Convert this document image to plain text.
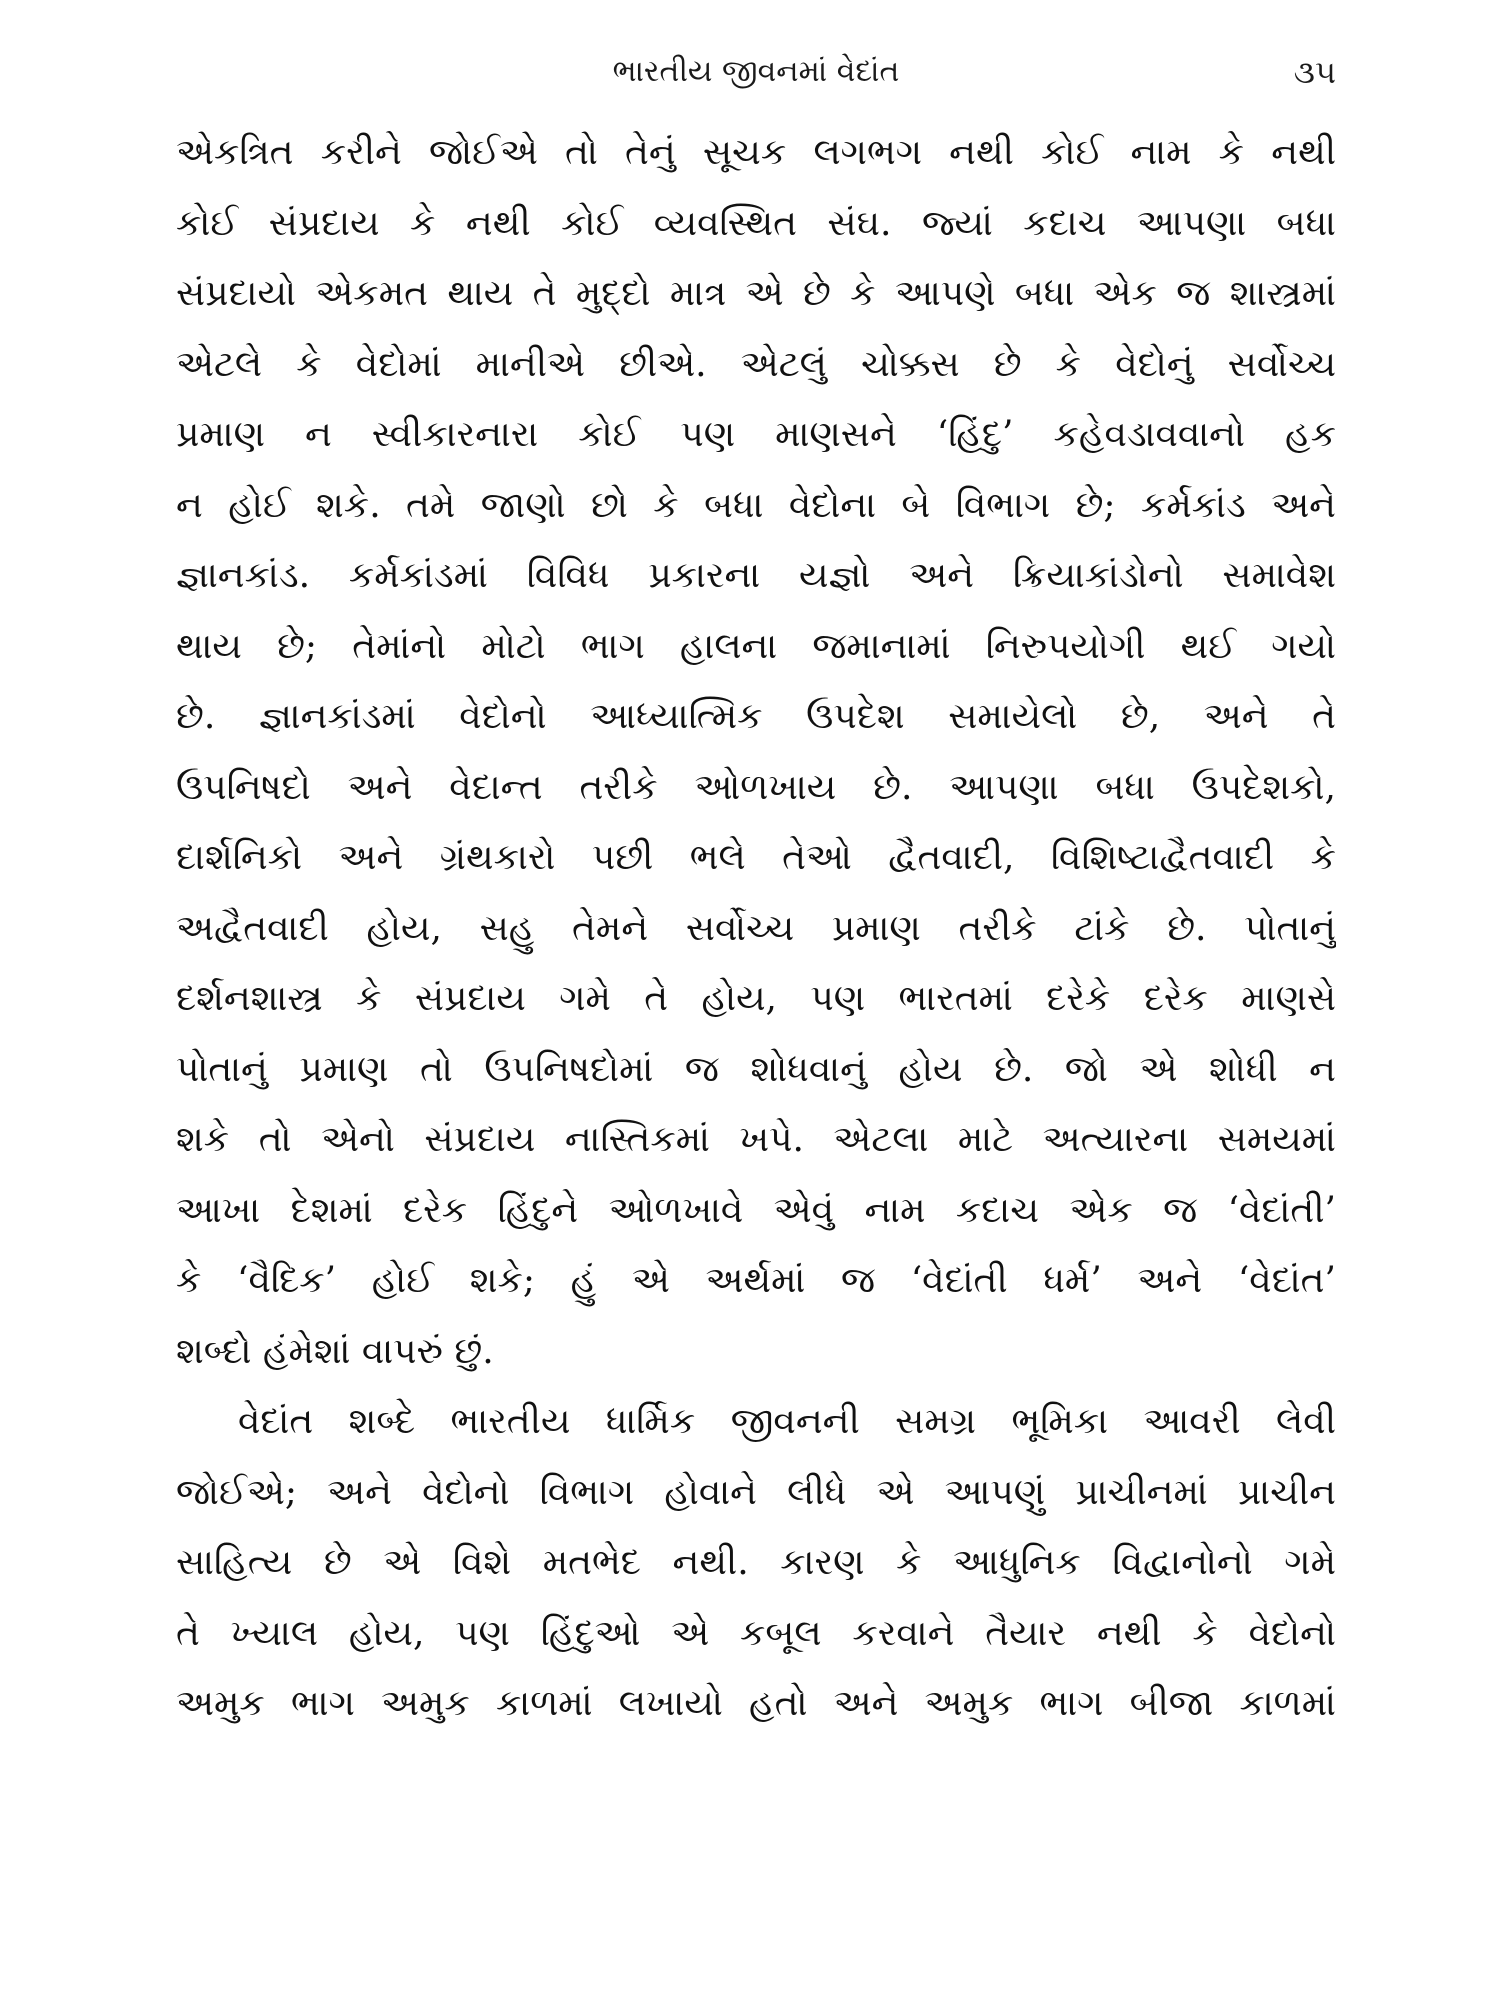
ભારતીય જીવનમાં વેદાંત	૩૫
એકત્રિત કરીને જોઈએ તો તેનું સૂચક લગભગ નથી કોઈ નામ કે નથી
કોઈ સંપ્રદાય કે નથી કોઈ વ્યવસ્થિત સંઘ. જ્યાં કદાચ આપણા બધા
સંપ્રદાયો એકમત થાય તે મુદ્દો માત્ર એ છે કે આપણે બધા એક જ શાસ્ત્રમાં
એટલે કે વેદોમાં માનીએ છીએ. એટલું ચોક્કસ છે કે વેદોનું સર્વોચ્ચ
પ્રમાણ ન સ્વીકારનારા કોઈ પણ માણસને ‘હિંદુ’ કહેવડાવવાનો હક
ન હોઈ શકે. તમે જાણો છો કે બધા વેદોના બે વિભાગ છે; કર્મકાંડ અને
જ્ઞાનકાંડ. કર્મકાંડમાં વિવિધ પ્રકારના યજ્ઞો અને ક્રિયાકાંડોનો સમાવેશ
થાય છે; તેમાંનો મોટો ભાગ હાલના જમાનામાં નિરુપયોગી થઈ ગયો
છે. જ્ઞાનકાંડમાં વેદોનો આધ્યાત્મિક ઉપદેશ સમાયેલો છે, અને તે
ઉપનિષદો અને વેદાન્ત તરીકે ઓળખાય છે. આપણા બધા ઉપદેશકો,
દાર્શનિકો અને ગ્રંથકારો પછી ભલે તેઓ દ્વૈતવાદી, વિશિષ્ટાદ્વૈતવાદી કે
અદ્વૈતવાદી હોય, સહુ તેમને સર્વોચ્ચ પ્રમાણ તરીકે ટાંકે છે. પોતાનું
દર્શનશાસ્ત્ર કે સંપ્રદાય ગમે તે હોય, પણ ભારતમાં દરેકે દરેક માણસે
પોતાનું પ્રમાણ તો ઉપનિષદોમાં જ શોધવાનું હોય છે. જો એ શોધી ન
શકે તો એનો સંપ્રદાય નાસ્તિકમાં ખપે. એટલા માટે અત્યારના સમયમાં
આખા દેશમાં દરેક હિંદુને ઓળખાવે એવું નામ કદાચ એક જ ‘વેદાંતી’
કે ‘વૈદિક’ હોઈ શકે; હું એ અર્થમાં જ ‘વેદાંતી ધર્મ’ અને ‘વેદાંત’
શબ્દો હંમેશાં વાપરું છું.
વેદાંત શબ્દે ભારતીય ધાર્મિક જીવનની સમગ્ર ભૂમિકા આવરી લેવી
જોઈએ; અને વેદોનો વિભાગ હોવાને લીધે એ આપણું પ્રાચીનમાં પ્રાચીન
સાહિત્ય છે એ વિશે મતભેદ નથી. કારણ કે આધુનિક વિદ્વાનોનો ગમે
તે ખ્યાલ હોય, પણ હિંદુઓ એ કબૂલ કરવાને તૈયાર નથી કે વેદોનો
અમુક ભાગ અમુક કાળમાં લખાયો હતો અને અમુક ભાગ બીજા કાળમાં
